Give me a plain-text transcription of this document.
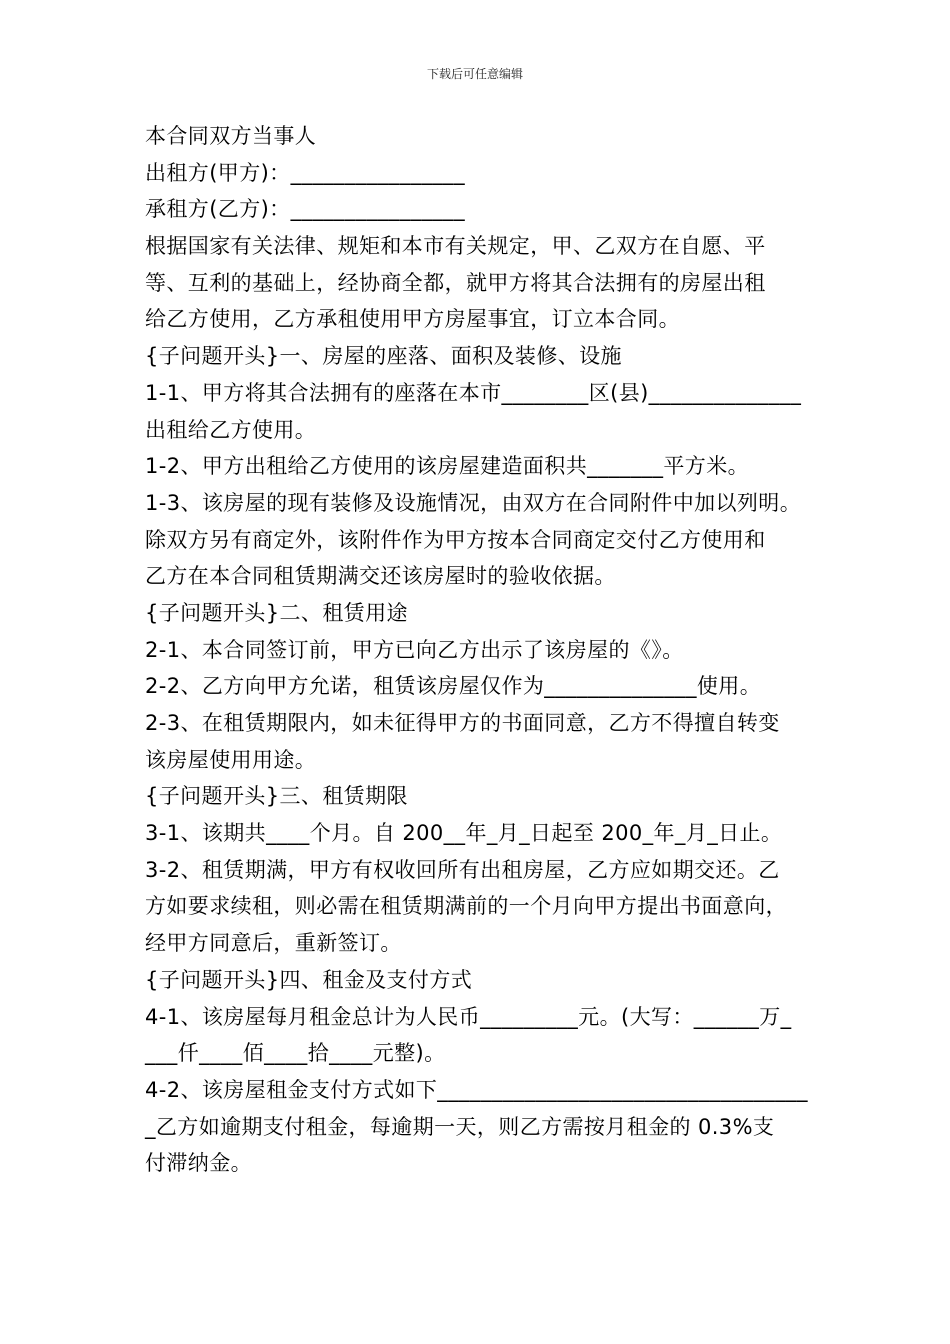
下载后可任意编辑
本合同双方当事人
出租方(甲方)：________________
承租方(乙方)：________________
根据国家有关法律、规矩和本市有关规定，甲、乙双方在自愿、平
等、互利的基础上，经协商全都，就甲方将其合法拥有的房屋出租
给乙方使用，乙方承租使用甲方房屋事宜，订立本合同。
{子问题开头}一、房屋的座落、面积及装修、设施
1-1、甲方将其合法拥有的座落在本市________区(县)______________
出租给乙方使用。
1-2、甲方出租给乙方使用的该房屋建造面积共_______平方米。
1-3、该房屋的现有装修及设施情况，由双方在合同附件中加以列明。
除双方另有商定外，该附件作为甲方按本合同商定交付乙方使用和
乙方在本合同租赁期满交还该房屋时的验收依据。
{子问题开头}二、租赁用途
2-1、本合同签订前，甲方已向乙方出示了该房屋的《》。
2-2、乙方向甲方允诺，租赁该房屋仅作为______________使用。
2-3、在租赁期限内，如未征得甲方的书面同意，乙方不得擅自转变
该房屋使用用途。
{子问题开头}三、租赁期限
3-1、该期共____个月。自 200__年_月_日起至 200_年_月_日止。
3-2、租赁期满，甲方有权收回所有出租房屋，乙方应如期交还。乙
方如要求续租，则必需在租赁期满前的一个月向甲方提出书面意向，
经甲方同意后，重新签订。
{子问题开头}四、租金及支付方式
4-1、该房屋每月租金总计为人民币_________元。(大写：______万_
___仟____佰____拾____元整)。
4-2、该房屋租金支付方式如下__________________________________
_乙方如逾期支付租金，每逾期一天，则乙方需按月租金的 0.3%支
付滞纳金。
